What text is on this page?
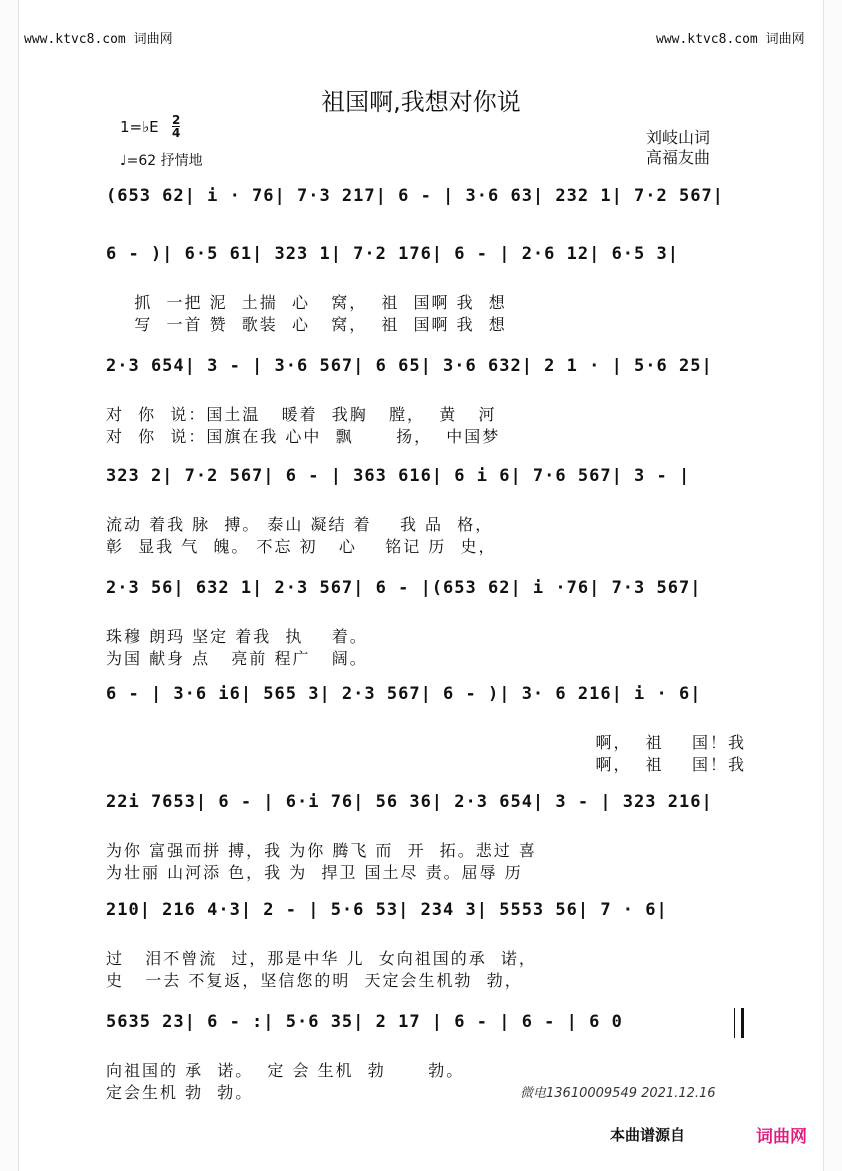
www.ktvc8.com 词曲网	www.ktvc8.com 词曲网
祖国啊,我想对你说
1=♭E 2
4	刘岐山词
高福友曲
♩=62 抒情地
(653 62| i · 76| 7·3 217| 6 - | 3·6 63| 232 1| 7·2 567|
6 - )| 6·5 61| 323 1| 7·2 176| 6 - | 2·6 12| 6·5 3|
抓  一把 泥  土揣  心   窝，  祖  国啊 我  想
写  一首 赞  歌装  心   窝，  祖  国啊 我  想
2·3 654| 3 - | 3·6 567| 6 65| 3·6 632| 2 1 · | 5·6 25|
对  你  说：国土温   暖着  我胸   膛，  黄   河
对  你  说：国旗在我 心中  飘      扬，  中国梦
323 2| 7·2 567| 6 - | 363 616| 6 i 6| 7·6 567| 3 - |
流动 着我 脉  搏。 泰山 凝结 着    我 品  格，
彰  显我 气  魄。 不忘 初   心    铭记 历  史，
2·3 56| 632 1| 2·3 567| 6 - |(653 62| i ·76| 7·3 567|
珠穆 朗玛 坚定 着我  执    着。
为国 献身 点   亮前 程广   阔。
6 - | 3·6 i6| 565 3| 2·3 567| 6 - )| 3· 6 216| i · 6|
啊，  祖    国！我
啊，  祖    国！我
22i 7653| 6 - | 6·i 76| 56 36| 2·3 654| 3 - | 323 216|
为你 富强而拼 搏，我 为你 腾飞 而  开  拓。悲过 喜
为壮丽 山河添 色，我 为  捍卫 国土尽 责。屈辱 历
210| 216 4·3| 2 - | 5·6 53| 234 3| 5553 56| 7 · 6|
过   泪不曾流  过，那是中华 儿  女向祖国的承  诺，
史   一去 不复返，坚信您的明  天定会生机勃  勃，
5635 23| 6 - :| 5·6 35| 2 17 | 6 - | 6 - | 6 0
向祖国的 承  诺。  定 会 生机  勃      勃。
定会生机 勃  勃。	微电13610009549 2021.12.16
本曲谱源自	词曲网
